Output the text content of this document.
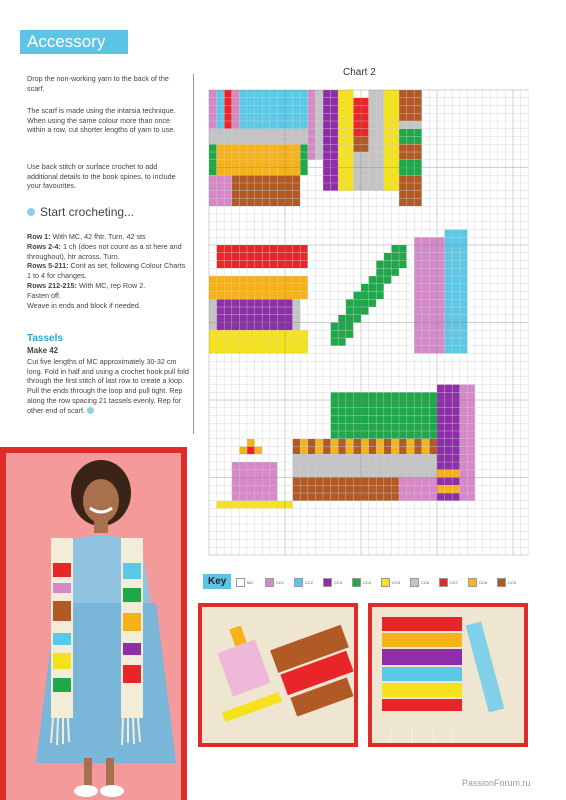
Accessory

Drop the non-working yarn to the back of the scarf.

The scarf is made using the intarsia technique. When using the same colour more than once within a row, cut shorter lengths of yarn to use.

Use back stitch or surface crochet to add additional details to the book spines, to include your favourites.

Start crocheting...
Row 1: With MC, 42 fhtr. Turn. 42 sts
Rows 2-4: 1 ch (does not count as a st here and throughout), htr across. Turn.
Rows 5-211: Cont as set, following Colour Charts 1 to 4 for changes.
Rows 212-215: With MC, rep Row 2.
Fasten off.
Weave in ends and block if needed.
Tassels
Make 42

Cut five lengths of MC approximately 30-32 cm long. Fold in half and using a crochet hook pull fold through the first stitch of last row to create a loop. Pull the ends through the loop and pull tight. Rep along the row spacing 21 tassels evenly. Rep for other end of scarf.

Chart 2
Key	MC	CC1	CC2	CC3	CC4	CC5	CC6	CC7	CC8	CC9
PassionForum.ru
